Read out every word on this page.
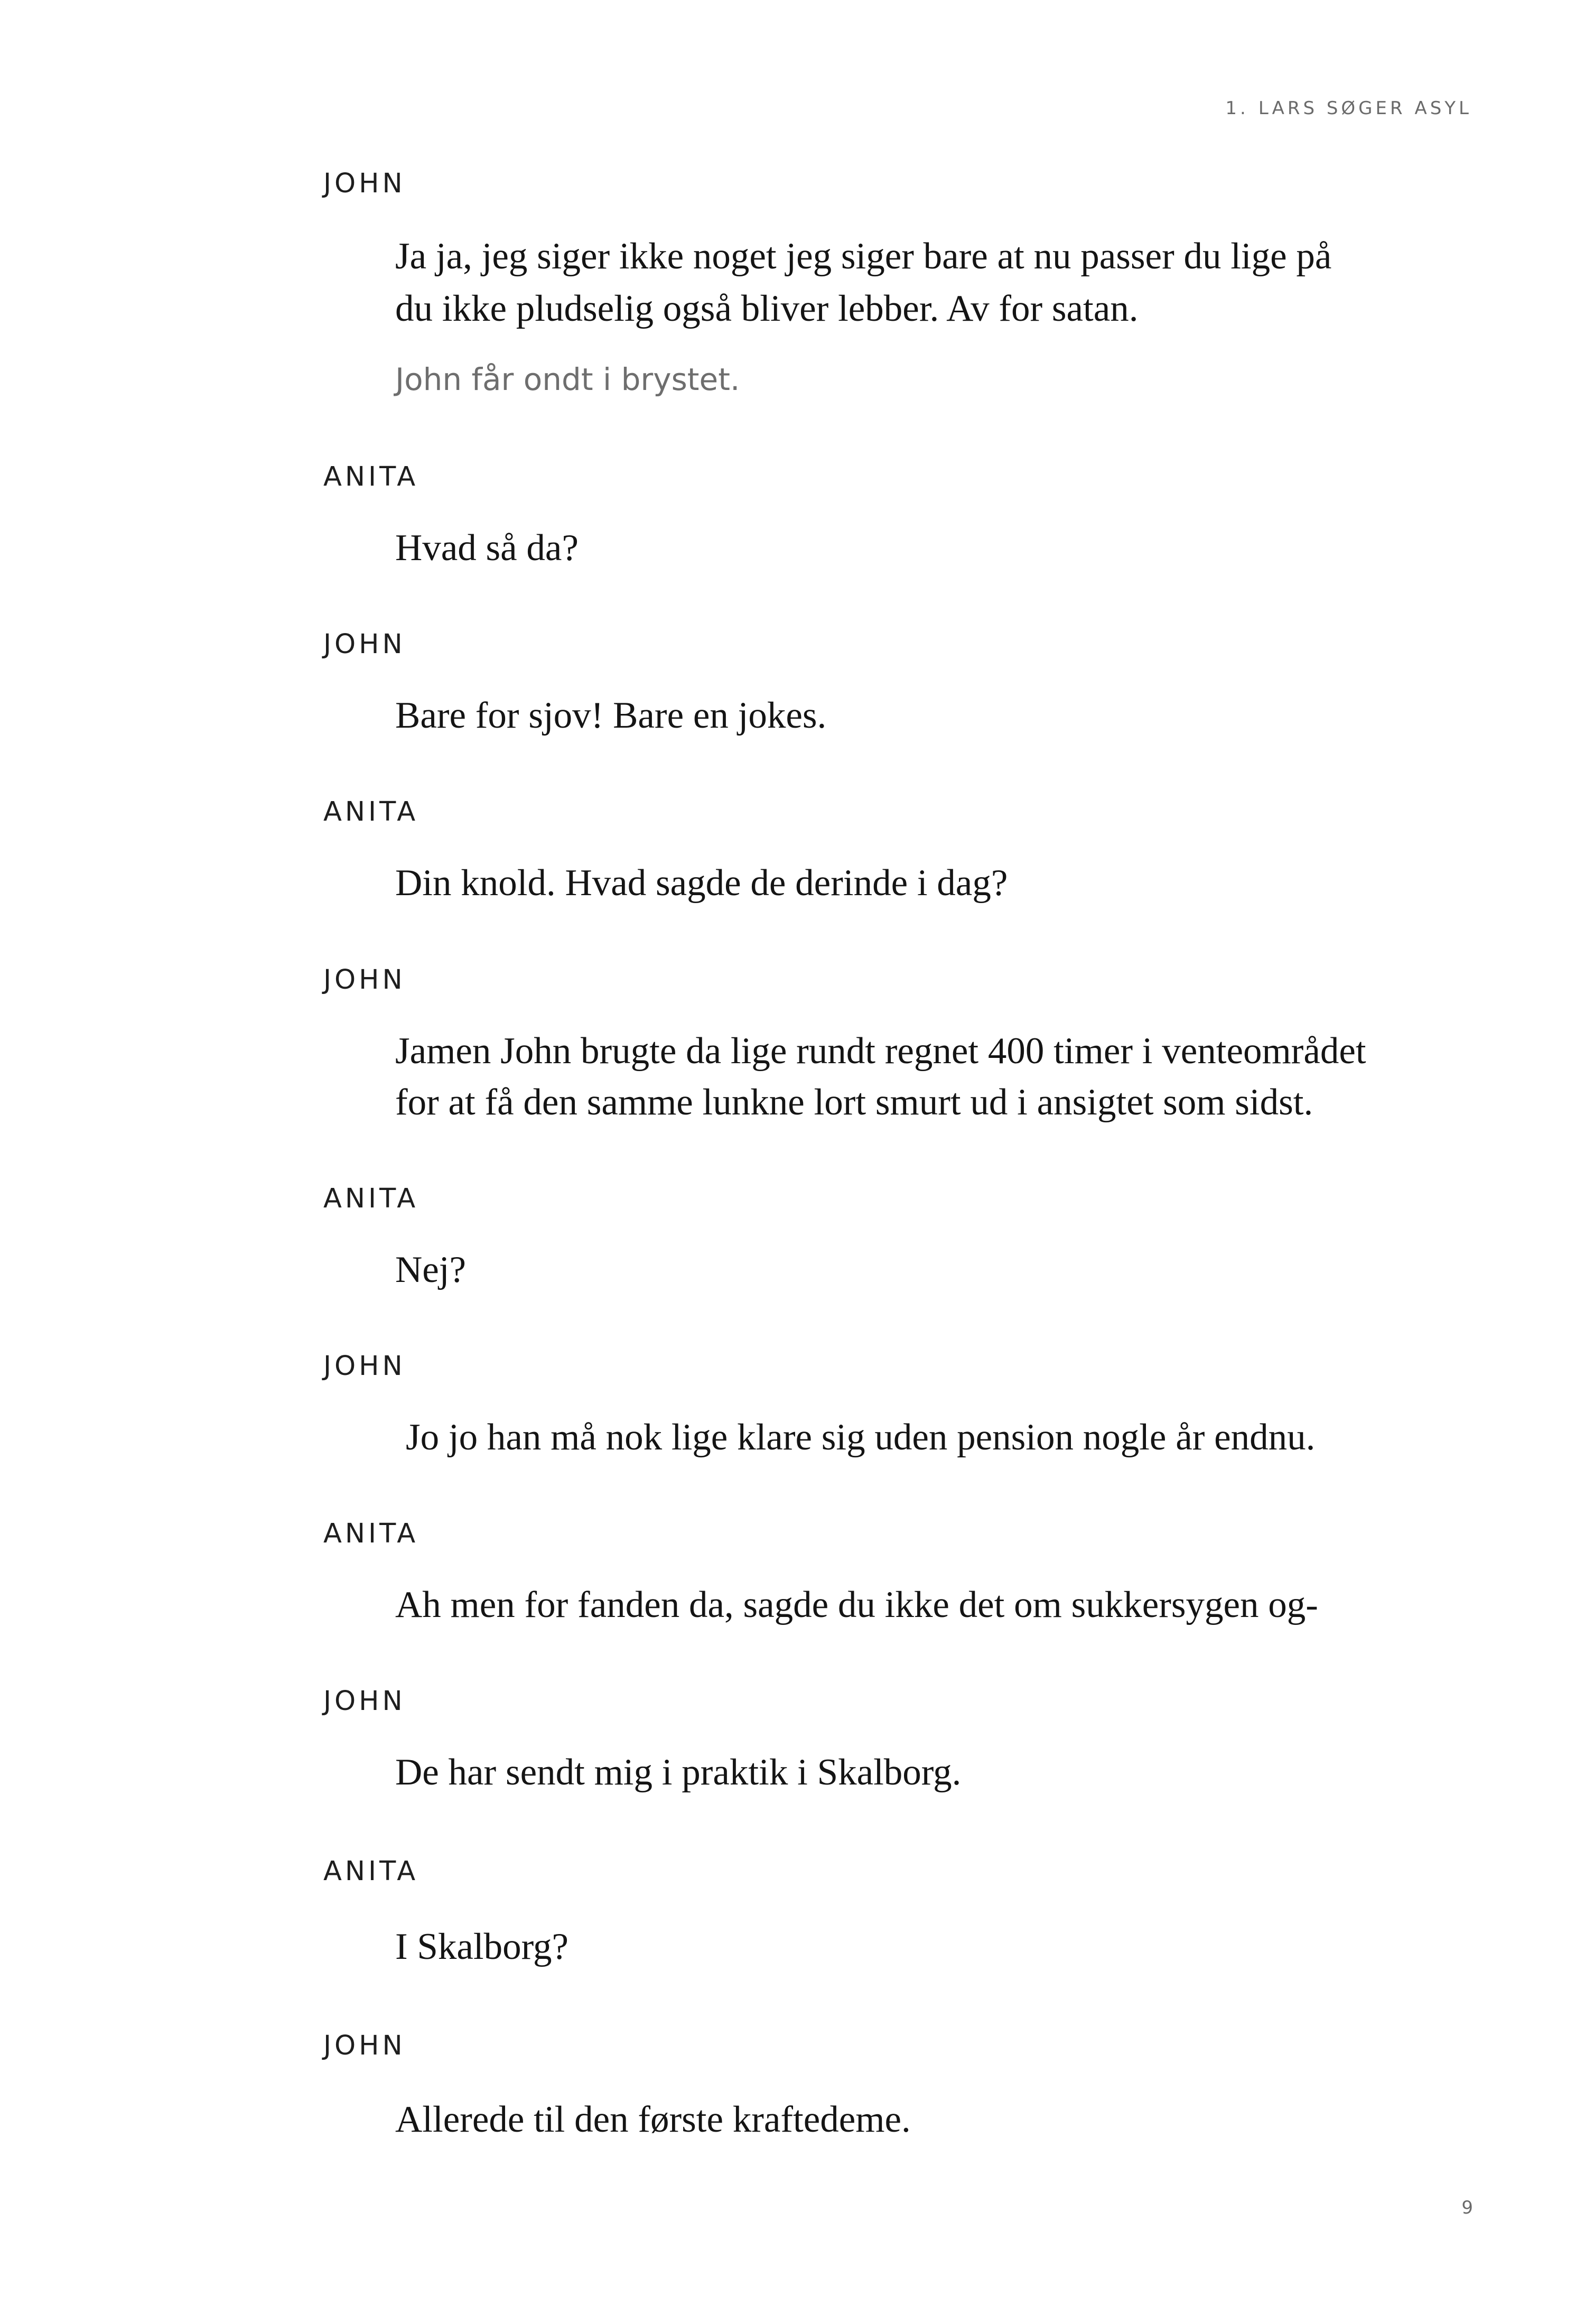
1. LARS SØGER ASYL
JOHN
Ja ja, jeg siger ikke noget jeg siger bare at nu passer du lige på
du ikke pludselig også bliver lebber. Av for satan.
John får ondt i brystet.
ANITA
Hvad så da?
JOHN
Bare for sjov! Bare en jokes.
ANITA
Din knold. Hvad sagde de derinde i dag?
JOHN
Jamen John brugte da lige rundt regnet 400 timer i venteområdet
for at få den samme lunkne lort smurt ud i ansigtet som sidst.
ANITA
Nej?
JOHN
Jo jo han må nok lige klare sig uden pension nogle år endnu.
ANITA
Ah men for fanden da, sagde du ikke det om sukkersygen og-
JOHN
De har sendt mig i praktik i Skalborg.
ANITA
I Skalborg?
JOHN
Allerede til den første kraftedeme.
9
